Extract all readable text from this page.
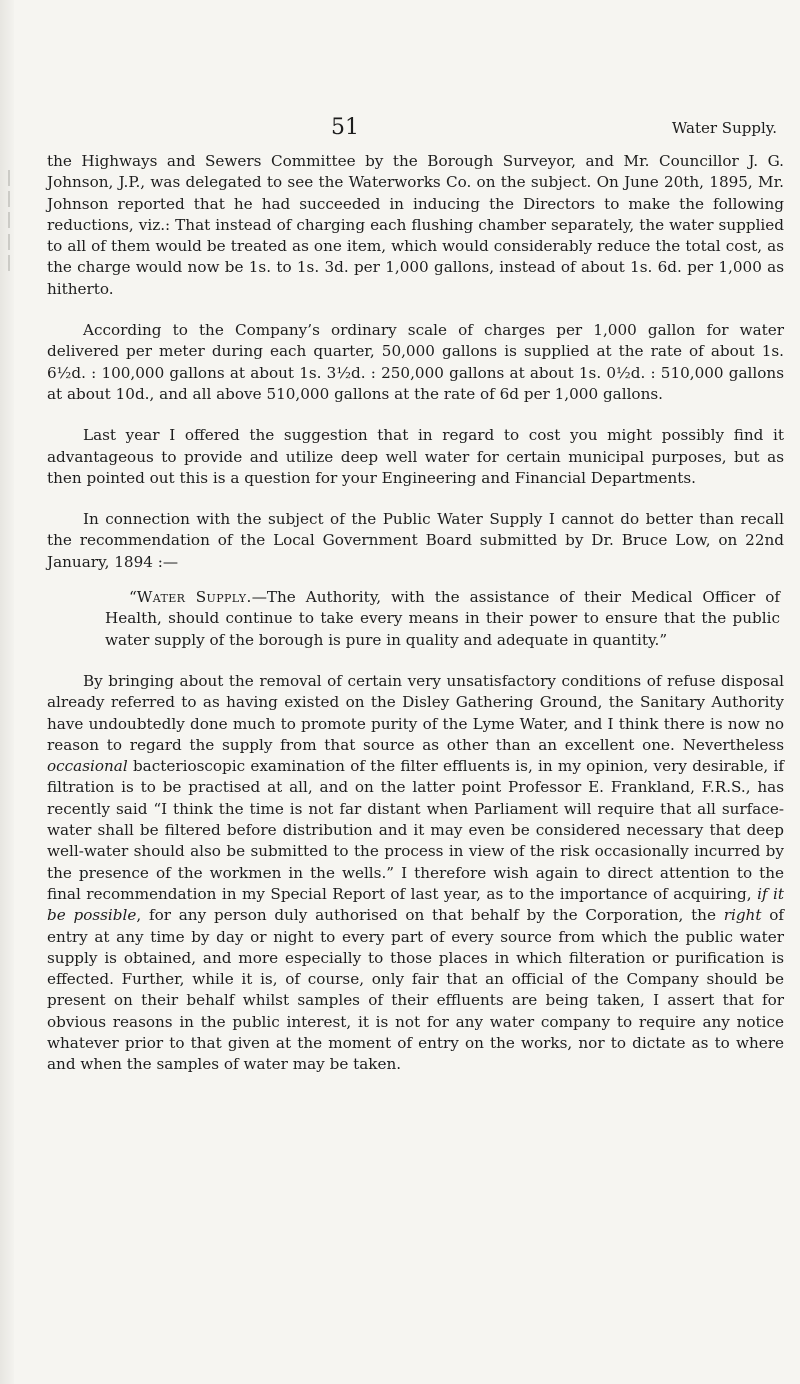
51	Water Supply.

the Highways and Sewers Committee by the Borough Surveyor, and Mr. Councillor J. G. Johnson, J.P., was delegated to see the Waterworks Co. on the subject. On June 20th, 1895, Mr. Johnson reported that he had succeeded in inducing the Directors to make the following reductions, viz.: That instead of charging each flushing chamber separately, the water supplied to all of them would be treated as one item, which would considerably reduce the total cost, as the charge would now be 1s. to 1s. 3d. per 1,000 gallons, instead of about 1s. 6d. per 1,000 as hitherto.

According to the Company’s ordinary scale of charges per 1,000 gallon for water delivered per meter during each quarter, 50,000 gallons is supplied at the rate of about 1s. 6½d. : 100,000 gallons at about 1s. 3½d. : 250,000 gallons at about 1s. 0½d. : 510,000 gallons at about 10d., and all above 510,000 gallons at the rate of 6d per 1,000 gallons.

Last year I offered the suggestion that in regard to cost you might possibly find it advantageous to provide and utilize deep well water for certain municipal purposes, but as then pointed out this is a question for your Engineering and Financial Departments.

In connection with the subject of the Public Water Supply I cannot do better than recall the recommendation of the Local Government Board submitted by Dr. Bruce Low, on 22nd January, 1894 :—

“Water Supply.—The Authority, with the assistance of their Medical Officer of Health, should continue to take every means in their power to ensure that the public water supply of the borough is pure in quality and adequate in quantity.”

By bringing about the removal of certain very unsatisfactory conditions of refuse disposal already referred to as having existed on the Disley Gathering Ground, the Sanitary Authority have undoubtedly done much to promote purity of the Lyme Water, and I think there is now no reason to regard the supply from that source as other than an excellent one. Nevertheless occasional bacterioscopic examination of the filter effluents is, in my opinion, very desirable, if filtration is to be practised at all, and on the latter point Professor E. Frankland, F.R.S., has recently said “I think the time is not far distant when Parliament will require that all surface-water shall be filtered before distribution and it may even be considered necessary that deep well-water should also be submitted to the process in view of the risk occasionally incurred by the presence of the workmen in the wells.” I therefore wish again to direct attention to the final recommendation in my Special Report of last year, as to the importance of acquiring, if it be possible, for any person duly authorised on that behalf by the Corporation, the right of entry at any time by day or night to every part of every source from which the public water supply is obtained, and more especially to those places in which filteration or purification is effected. Further, while it is, of course, only fair that an official of the Company should be present on their behalf whilst samples of their effluents are being taken, I assert that for obvious reasons in the public interest, it is not for any water company to require any notice whatever prior to that given at the moment of entry on the works, nor to dictate as to where and when the samples of water may be taken.
